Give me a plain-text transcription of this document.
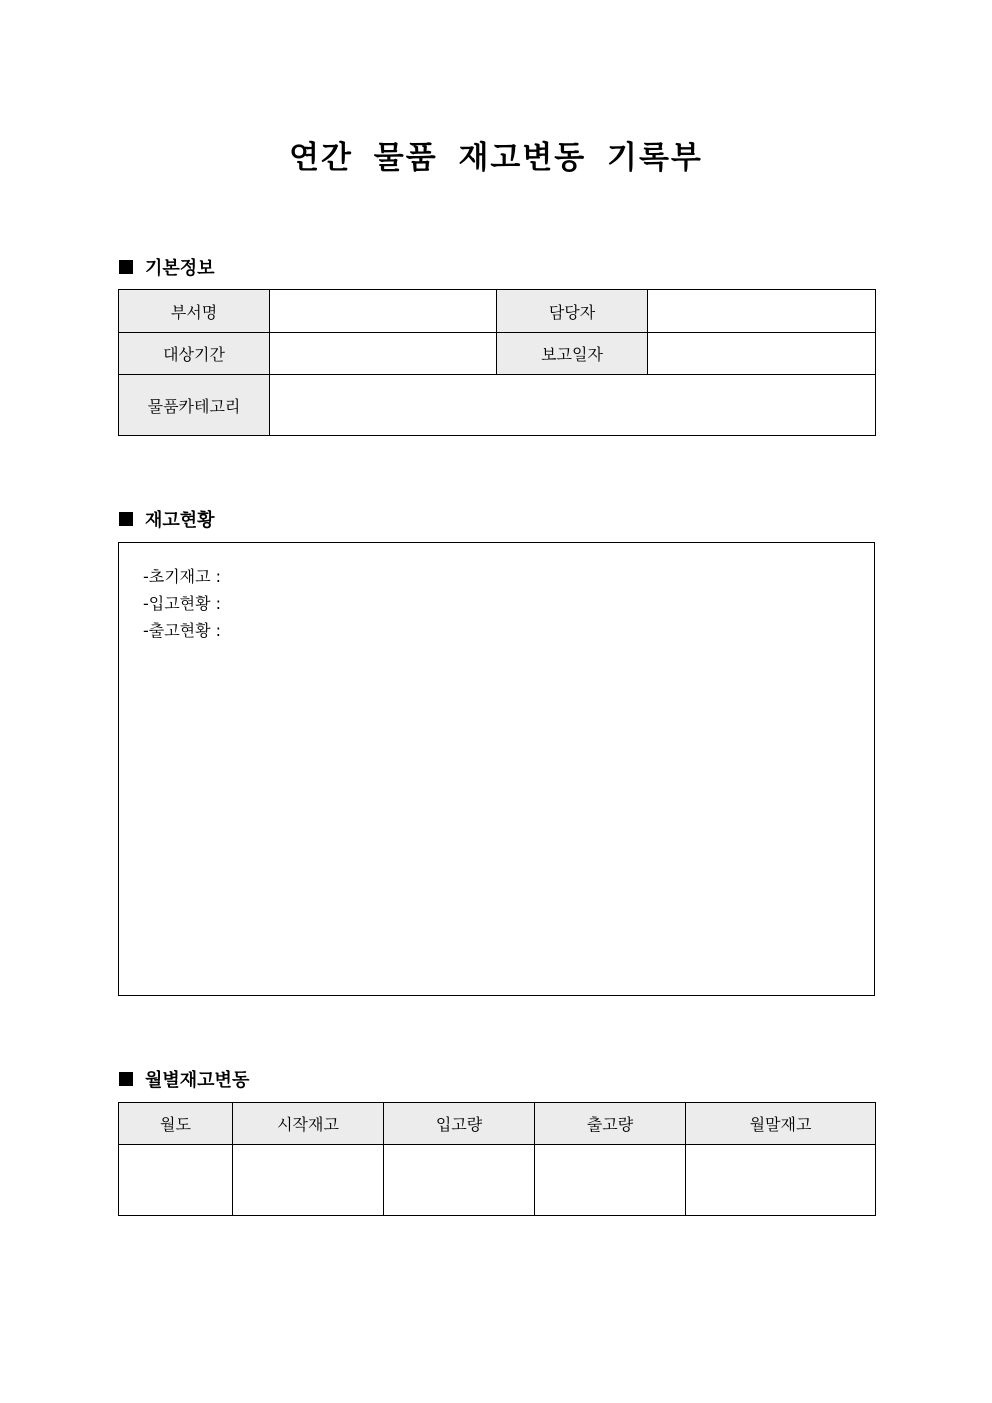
연간 물품 재고변동 기록부
기본정보
부서명		담당자	
대상기간		보고일자	
물품카테고리			
재고현황
-초기재고 :
-입고현황 :
-출고현황 :
월별재고변동
월도	시작재고	입고량	출고량	월말재고
